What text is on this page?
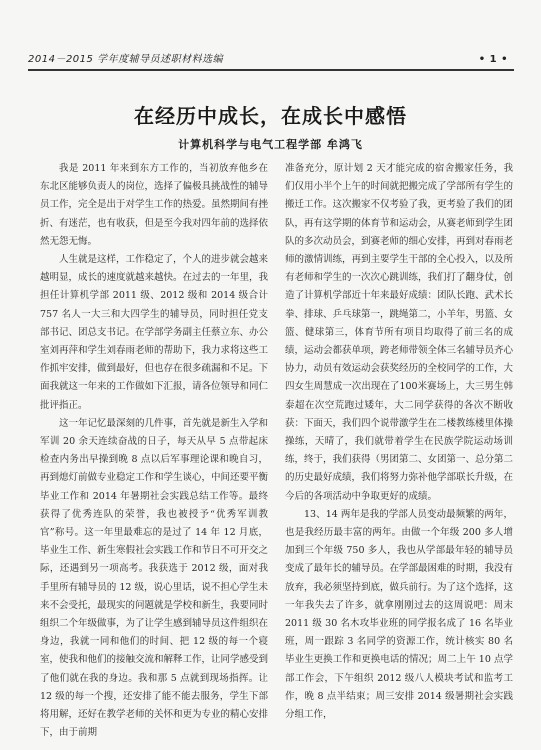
2014－2015 学年度辅导员述职材料选编	• 1 •
在经历中成长，在成长中感悟
计算机科学与电气工程学部 牟鸿飞

我是 2011 年来到东方工作的，当初放弃他乡在东北区能够负责人的岗位，选择了偏极具挑战性的辅导员工作，完全是出于对学生工作的热爱。虽然期间有挫折、有迷茫，也有收获，但是至今我对四年前的选择依然无怨无悔。

人生就是这样，工作稳定了，个人的进步就会越来越明显，成长的速度就越来越快。在过去的一年里，我担任计算机学部 2011 级、2012 级和 2014 级合计 757 名人一大三和大四学生的辅导员，同时担任党支部书记、团总支书记。在学部学务副主任蔡立东、办公室刘再萍和学生刘春雨老师的帮助下，我力求将这些工作抓牢安排，做到最好，但也存在很多疏漏和不足。下面我就这一年来的工作做如下汇报，请各位领导和同仁批评指正。

这一年记忆最深刻的几件事，首先就是新生入学和军训 20 余天连续奋战的日子，每天从早 5 点带起床检查内务出早操到晚 8 点以后军事理论课和晚自习，再到熄灯前做专业稳定工作和学生谈心，中间还要平衡毕业工作和 2014 年暑期社会实践总结工作等。最终获得了优秀连队的荣誉，我也被授予“优秀军训教官”称号。这一年里最难忘的是过了 14 年 12 月底，毕业生工作、新生寒假社会实践工作和节日不可开交之际，还遇到另一项高考。我获选于 2012 级，面对我手里所有辅导员的 12 级，说心里话，说不担心学生未来不会受托，最现实的问题就是学校和新生，我要同时组织二个年级做事，为了让学生感到辅导员这件组织在身边，我就一同和他们的时间、把 12 级的每一个寝室，使我和他们的接触交流和解释工作，让同学感受到了他们就在我的身边。我和那 5 点就到现场指挥。让 12 级的每一个搜，还安排了能不能去服务，学生下部将用解，还好在教学老师的关怀和更为专业的精心安排下，由于前期

准备充分，原计划 2 天才能完成的宿舍搬家任务，我们仅用小半个上午的时间就把搬完成了学部所有学生的搬迁工作。这次搬家不仅考验了我，更考验了我们的团队，再有这学期的体育节和运动会，从赛老师到学生团队的多次动员会，到赛老师的细心安排，再到对春雨老师的激情训练，再到主要学生干部的全心投入，以及所有老师和学生的一次次心跳训练，我们打了翻身仗，创造了计算机学部近十年来最好成绩：团队长跑、武术长拳、排球、乒乓球第一，跳绳第二，小羊年，男篮、女篮、健球第三，体育节所有项目均取得了前三名的成绩，运动会都获单项，跨老师带领全体三名辅导员齐心协力，动员有效运动会获奖经历的全校同学的工作，大四女生周慧成一次出现在了100米赛场上，大三男生韩泰超在次空荒跑过矮年，大二同学获得的各次不断收获：下面天，我们四个说带激学生在二楼教练楼里体操操练，天晴了，我们就带着学生在民族学院运动场训练，终于，我们获得（男团第二、女团第一、总分第二的历史最好成绩，我们将努力弥补他学部联长升级，在今后的各项活动中争取更好的成绩。

13、14 两年是我的学部人员变动最频繁的两年，也是我经历最丰富的两年。由做一个年级 200 多人增加到三个年级 750 多人，我也从学部最年轻的辅导员变成了最年长的辅导员。在学部最困难的时期，我没有放弃，我必须坚持到底，做兵前行。为了这个选择，这一年我失去了许多，就拿刚刚过去的这周说吧：周末 2011 级 30 名木攻毕业班的同学报名成了 16 名毕业班，周一跟踪 3 名同学的资源工作，统计核实 80 名毕业生更换工作和更换电话的情况；周二上午 10 点学部工作会，下午组织 2012 级八人模块考试和监考工作，晚 8 点半结束；周三安排 2014 级暑期社会实践分组工作，
